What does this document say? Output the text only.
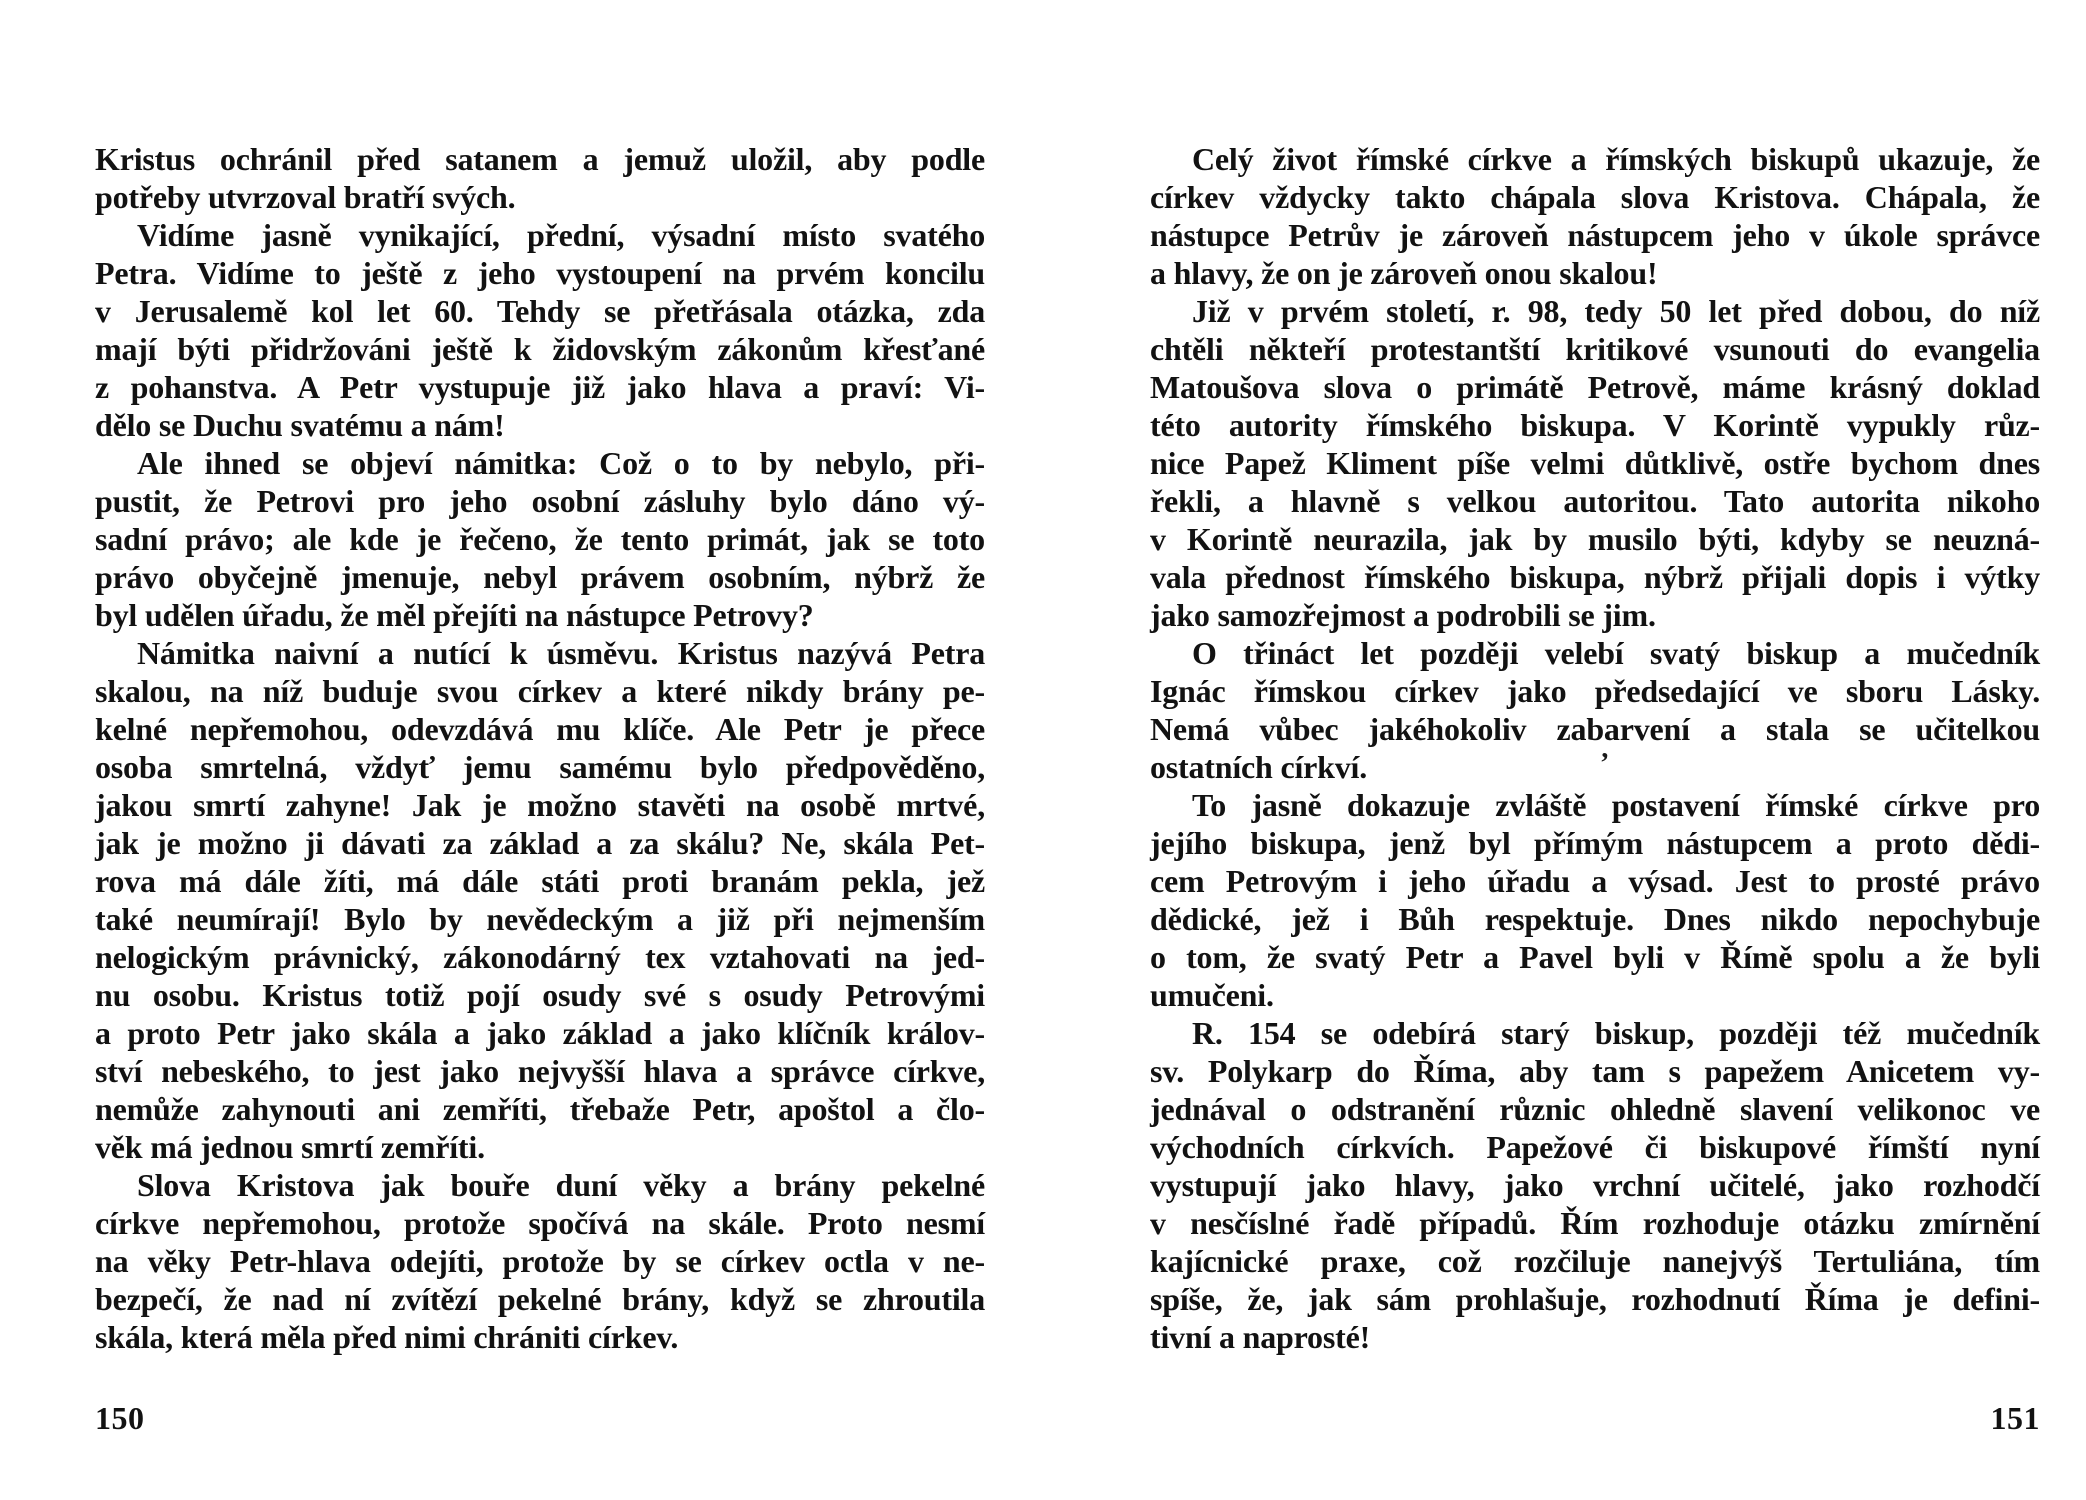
Kristus ochránil před satanem a jemuž uložil, aby podle
potřeby utvrzoval bratří svých.
Vidíme jasně vynikající, přední, výsadní místo svatého
Petra. Vidíme to ještě z jeho vystoupení na prvém koncilu
v Jerusalemě kol let 60. Tehdy se přetřásala otázka, zda
mají býti přidržováni ještě k židovským zákonům křesťané
z pohanstva. A Petr vystupuje již jako hlava a praví: Vi-
dělo se Duchu svatému a nám!
Ale ihned se objeví námitka: Což o to by nebylo, při-
pustit, že Petrovi pro jeho osobní zásluhy bylo dáno vý-
sadní právo; ale kde je řečeno, že tento primát, jak se toto
právo obyčejně jmenuje, nebyl právem osobním, nýbrž že
byl udělen úřadu, že měl přejíti na nástupce Petrovy?
Námitka naivní a nutící k úsměvu. Kristus nazývá Petra
skalou, na níž buduje svou církev a které nikdy brány pe-
kelné nepřemohou, odevzdává mu klíče. Ale Petr je přece
osoba smrtelná, vždyť jemu samému bylo předpověděno,
jakou smrtí zahyne! Jak je možno stavěti na osobě mrtvé,
jak je možno ji dávati za základ a za skálu? Ne, skála Pet-
rova má dále žíti, má dále státi proti branám pekla, jež
také neumírají! Bylo by nevědeckým a již při nejmenším
nelogickým právnický, zákonodárný tex vztahovati na jed-
nu osobu. Kristus totiž pojí osudy své s osudy Petrovými
a proto Petr jako skála a jako základ a jako klíčník králov-
ství nebeského, to jest jako nejvyšší hlava a správce církve,
nemůže zahynouti ani zemříti, třebaže Petr, apoštol a člo-
věk má jednou smrtí zemříti.
Slova Kristova jak bouře duní věky a brány pekelné
církve nepřemohou, protože spočívá na skále. Proto nesmí
na věky Petr-hlava odejíti, protože by se církev octla v ne-
bezpečí, že nad ní zvítězí pekelné brány, když se zhroutila
skála, která měla před nimi chrániti církev.
150
Celý život římské církve a římských biskupů ukazuje, že
církev vždycky takto chápala slova Kristova. Chápala, že
nástupce Petrův je zároveň nástupcem jeho v úkole správce
a hlavy, že on je zároveň onou skalou!
Již v prvém století, r. 98, tedy 50 let před dobou, do níž
chtěli někteří protestantští kritikové vsunouti do evangelia
Matoušova slova o primátě Petrově, máme krásný doklad
této autority římského biskupa. V Korintě vypukly růz-
nice Papež Kliment píše velmi důtklivě, ostře bychom dnes
řekli, a hlavně s velkou autoritou. Tato autorita nikoho
v Korintě neurazila, jak by musilo býti, kdyby se neuzná-
vala přednost římského biskupa, nýbrž přijali dopis i výtky
jako samozřejmost a podrobili se jim.
O třináct let později velebí svatý biskup a mučedník
Ignác římskou církev jako předsedající ve sboru Lásky.
Nemá vůbec jakéhokoliv zabarvení a stala se učitelkou
ostatních církví.
To jasně dokazuje zvláště postavení římské církve pro
jejího biskupa, jenž byl přímým nástupcem a proto dědi-
cem Petrovým i jeho úřadu a výsad. Jest to prosté právo
dědické, jež i Bůh respektuje. Dnes nikdo nepochybuje
o tom, že svatý Petr a Pavel byli v Římě spolu a že byli
umučeni.
R. 154 se odebírá starý biskup, později též mučedník
sv. Polykarp do Říma, aby tam s papežem Anicetem vy-
jednával o odstranění různic ohledně slavení velikonoc ve
východních církvích. Papežové či biskupové římští nyní
vystupují jako hlavy, jako vrchní učitelé, jako rozhodčí
v nesčíslné řadě případů. Řím rozhoduje otázku zmírnění
kajícnické praxe, což rozčiluje nanejvýš Tertuliána, tím
spíše, že, jak sám prohlašuje, rozhodnutí Říma je defini-
tivní a naprosté!
’
151
